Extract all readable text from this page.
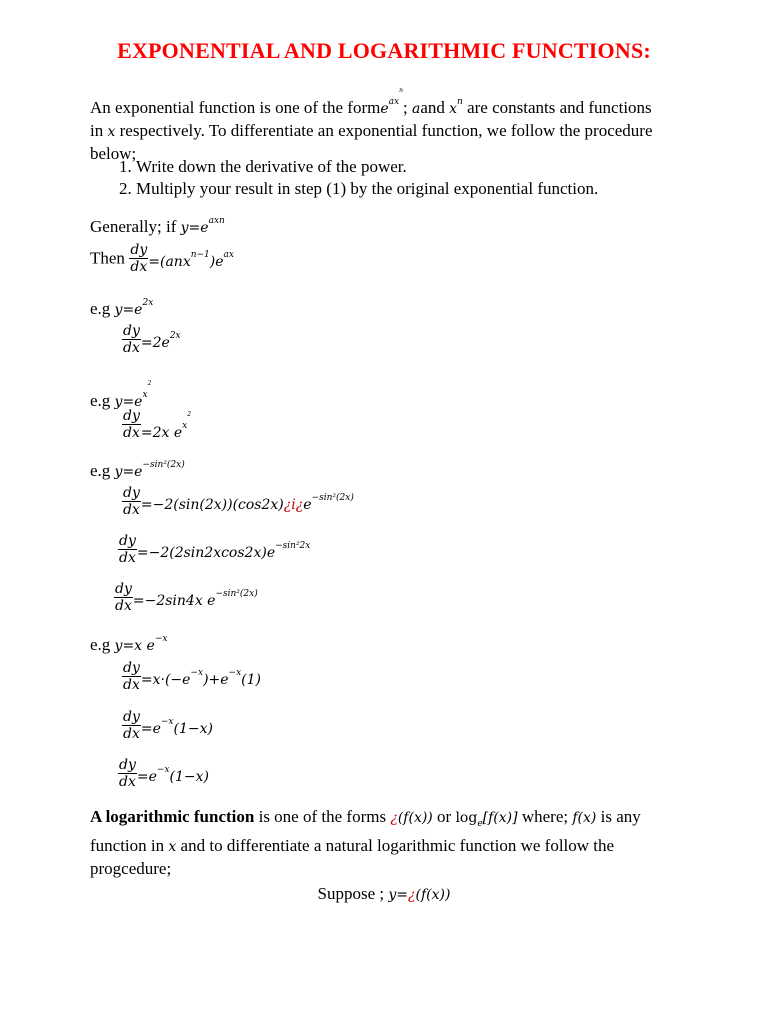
EXPONENTIAL AND LOGARITHMIC FUNCTIONS:
An exponential function is one of the forme$^{ax^n}$; aand $x^n$ are constants and functions
in x respectively. To differentiate an exponential function, we follow the procedure below;
1. Write down the derivative of the power.
2. Multiply your result in step (1) by the original exponential function.
Generally; if $y=e^{axn}$
Then $\frac{dy}{dx} =(anx^{n-1})e^{ax}$
e.g $y=e^{2x}$
$\frac{dy}{dx} =2e^{2x}$
e.g $y=e^{x^2}$
$\frac{dy}{dx} =2x$ $e^{x^2}$
e.g $y=e^{-sin^2(2x)}$
$\frac{dy}{dx}$ $=-2(\sin(2x))(\cos 2x)¿i¿e^{-sin^2(2x)}$
$\frac{dy}{dx} =-2(2\sin 2xcos2x)e^{-sin^22x}$
$\frac{dy}{dx} =-2\sin 4x$ $e^{-sin^2(2x)}$
e.g y=x $e^{-x}$
$\frac{dy}{dx} =x\cdot(-e^{-x})+e^{-x}(1)$
$\frac{dy}{dx} =e^{-x}(1-x)$
$\frac{dy}{dx} =e^{-x}(1-x)$
A logarithmic function is one of the forms ¿(f(x)) or $\log_e[f(x)]$ where; f(x) is any
function in x and to differentiate a natural logarithmic function we follow the
progcedure;
Suppose ; y=¿(f(x))
